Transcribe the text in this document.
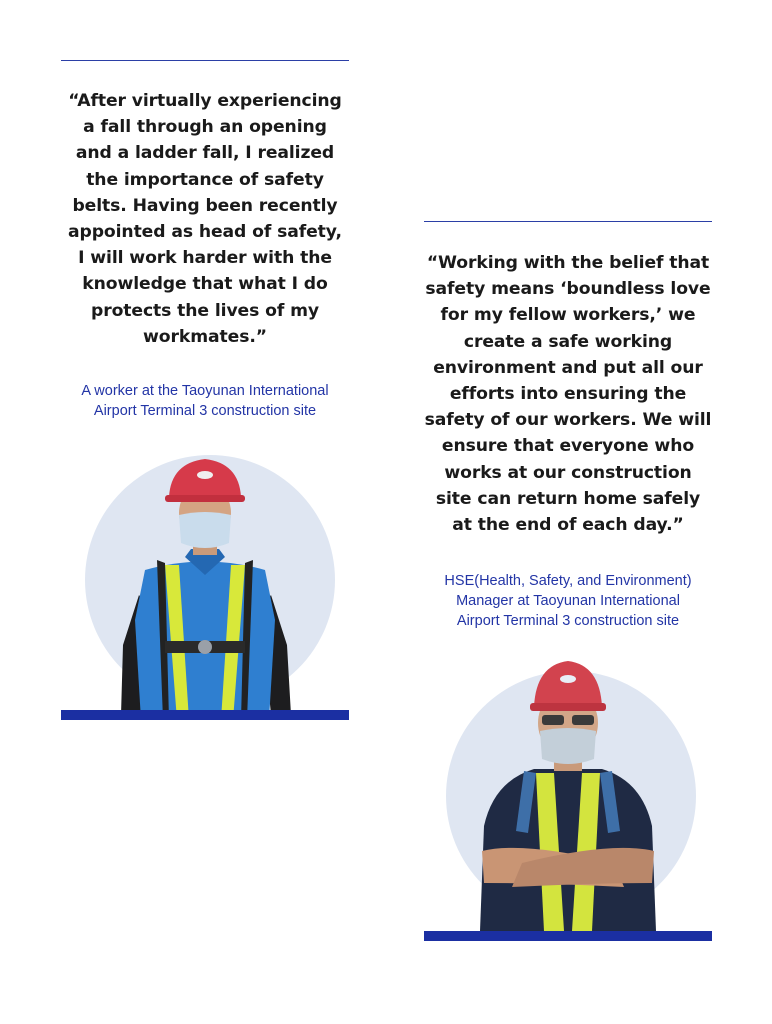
“After virtually experiencing a fall through an opening and a ladder fall, I realized the importance of safety belts. Having been recently appointed as head of safety, I will work harder with the knowledge that what I do protects the lives of my workmates.”

A worker at the Taoyunan International Airport Terminal 3 construction site

“Working with the belief that safety means ‘boundless love for my fellow workers,’ we create a safe working environment and put all our efforts into ensuring the safety of our workers. We will ensure that everyone who works at our construction site can return home safely at the end of each day.”

HSE(Health, Safety, and Environment) Manager at Taoyunan International Airport Terminal 3 construction site
